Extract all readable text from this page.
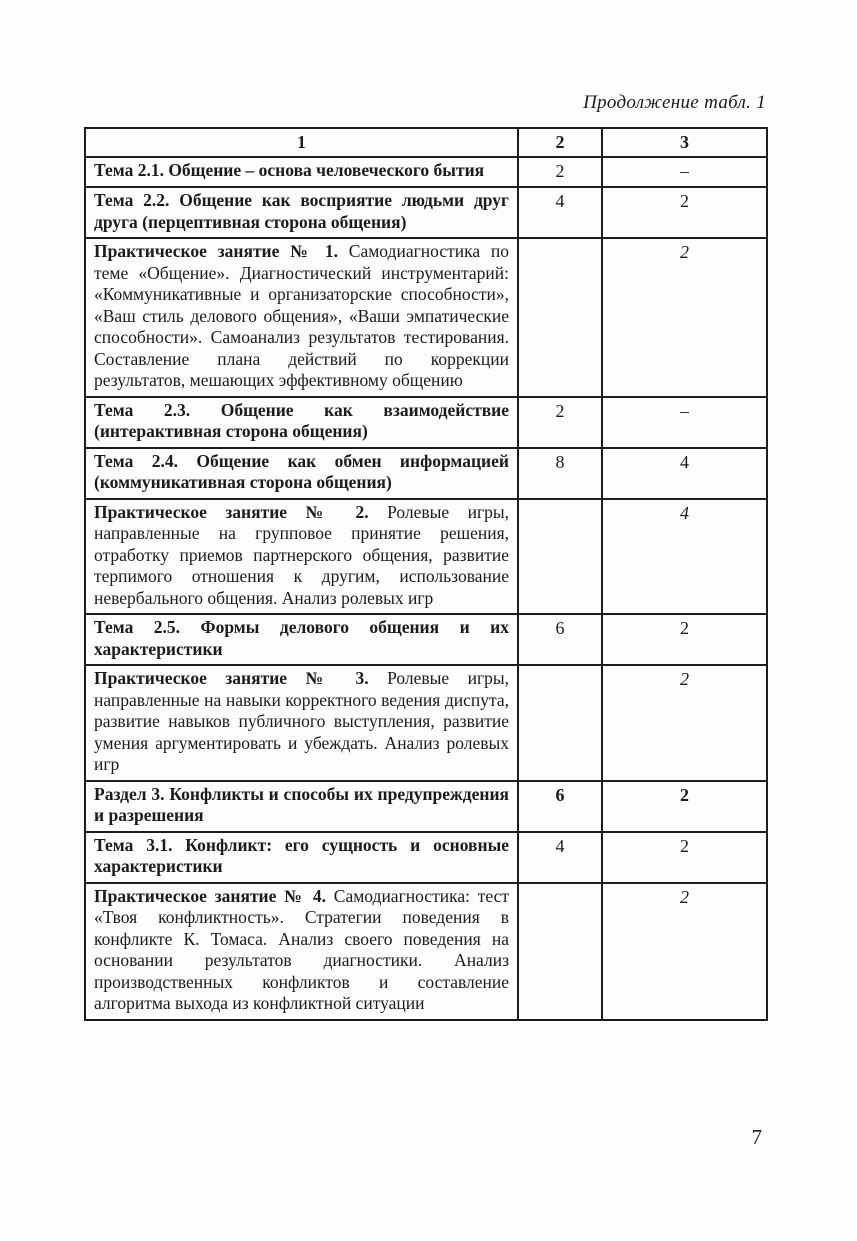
Продолжение табл. 1
1	2	3
Тема 2.1. Общение – основа человеческого бытия	2	–
Тема 2.2. Общение как восприятие людьми друг друга (перцептивная сторона общения)	4	2
Практическое занятие № 1. Самодиагностика по теме «Общение». Диагностический инструментарий: «Коммуникативные и организаторские способности», «Ваш стиль делового общения», «Ваши эмпатические способности». Самоанализ результатов тестирования. Составление плана действий по коррекции результатов, мешающих эффективному общению		2
Тема 2.3. Общение как взаимодействие (интерактивная сторона общения)	2	–
Тема 2.4. Общение как обмен информацией (коммуникативная сторона общения)	8	4
Практическое занятие № 2. Ролевые игры, направленные на групповое принятие решения, отработку приемов партнерского общения, развитие терпимого отношения к другим, использование невербального общения. Анализ ролевых игр		4
Тема 2.5. Формы делового общения и их характеристики	6	2
Практическое занятие № 3. Ролевые игры, направленные на навыки корректного ведения диспута, развитие навыков публичного выступления, развитие умения аргументировать и убеждать. Анализ ролевых игр		2
Раздел 3. Конфликты и способы их предупреждения и разрешения	6	2
Тема 3.1. Конфликт: его сущность и основные характеристики	4	2
Практическое занятие № 4. Самодиагностика: тест «Твоя конфликтность». Стратегии поведения в конфликте К. Томаса. Анализ своего поведения на основании результатов диагностики. Анализ производственных конфликтов и составление алгоритма выхода из конфликтной ситуации		2
7
